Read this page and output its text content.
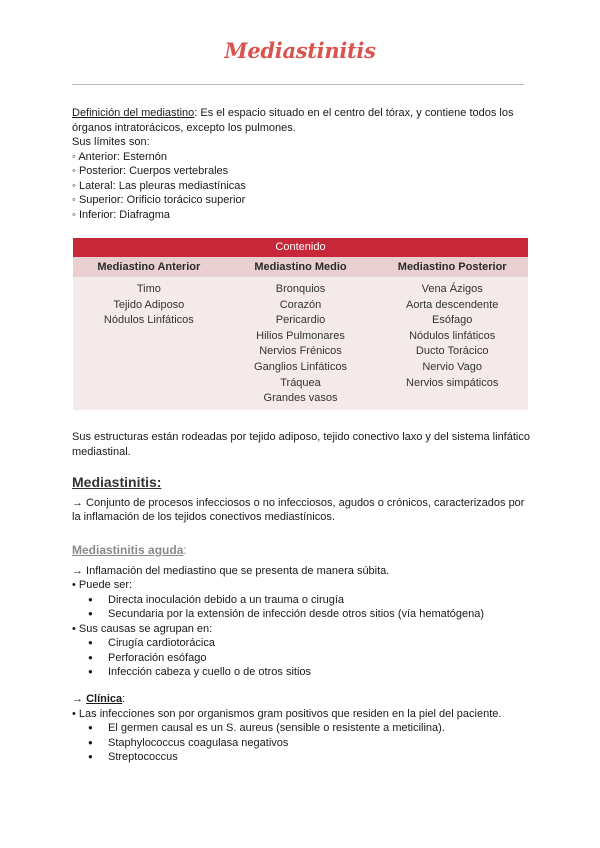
Mediastinitis
Definición del mediastino: Es el espacio situado en el centro del tórax, y contiene todos los órganos intratorácicos, excepto los pulmones.
Sus límites son:
◦ Anterior: Esternón
◦ Posterior: Cuerpos vertebrales
◦ Lateral: Las pleuras mediastínicas
◦ Superior: Orificio torácico superior
◦ Inferior: Diafragma
Contenido
Mediastino Anterior	Mediastino Medio	Mediastino Posterior
Timo
Tejido Adiposo
Nódulos Linfáticos
Bronquios
Corazón
Pericardio
Hilios Pulmonares
Nervios Frénicos
Ganglios Linfáticos
Tráquea
Grandes vasos
Vena Ázigos
Aorta descendente
Esófago
Nódulos linfáticos
Ducto Torácico
Nervio Vago
Nervios simpáticos
Sus estructuras están rodeadas por tejido adiposo, tejido conectivo laxo y del sistema linfático mediastinal.
Mediastinitis:
→ Conjunto de procesos infecciosos o no infecciosos, agudos o crónicos, caracterizados por la inflamación de los tejidos conectivos mediastínicos.
Mediastinitis aguda:
→ Inflamación del mediastino que se presenta de manera súbita.
• Puede ser:
● Directa inoculación debido a un trauma o cirugía
● Secundaria por la extensión de infección desde otros sitios (vía hematógena)
• Sus causas se agrupan en:
● Cirugía cardiotorácica
● Perforación esófago
● Infección cabeza y cuello o de otros sitios
→ Clínica:
• Las infecciones son por organismos gram positivos que residen en la piel del paciente.
● El germen causal es un S. aureus (sensible o resistente a meticilina).
● Staphylococcus coagulasa negativos
● Streptococcus
